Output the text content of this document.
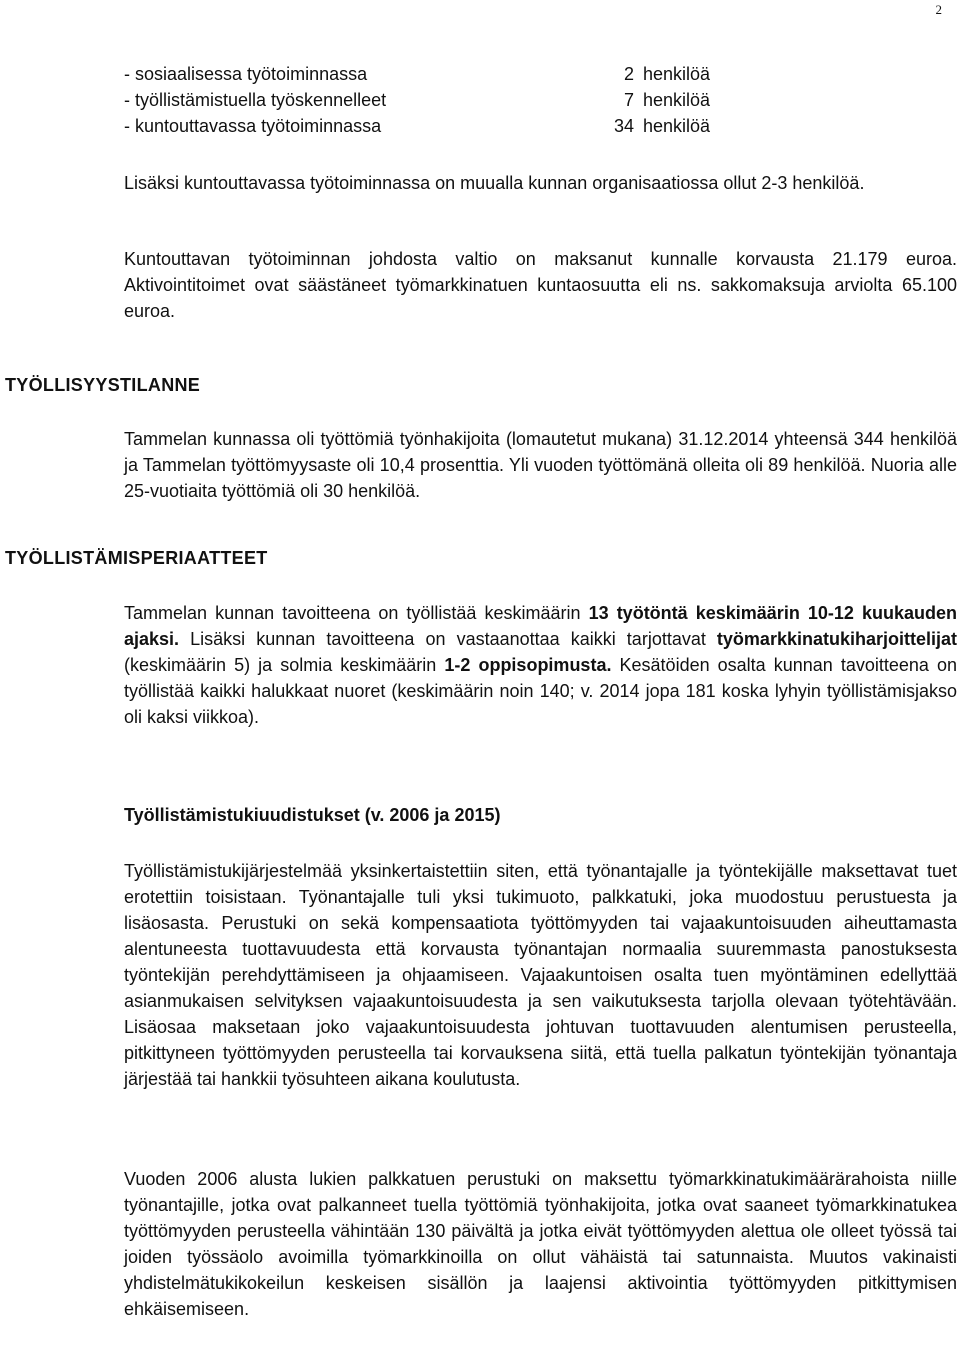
2
- sosiaalisessa työtoiminnassa	2 henkilöä
- työllistämistuella työskennelleet	7 henkilöä
- kuntouttavassa työtoiminnassa	34 henkilöä

Lisäksi kuntouttavassa työtoiminnassa on muualla kunnan organisaatiossa ollut 2-3 henkilöä.

Kuntouttavan työtoiminnan johdosta valtio on maksanut kunnalle korvausta 21.179 euroa. Aktivointitoimet ovat säästäneet työmarkkinatuen kuntaosuutta eli ns. sakkomaksuja arviolta 65.100 euroa.

TYÖLLISYYSTILANNE

Tammelan kunnassa oli työttömiä työnhakijoita (lomautetut mukana) 31.12.2014 yhteensä 344 henkilöä ja Tammelan työttömyysaste oli 10,4 prosenttia. Yli vuoden työttömänä olleita oli 89 henkilöä. Nuoria alle 25-vuotiaita työttömiä oli 30 henkilöä.

TYÖLLISTÄMISPERIAATTEET

Tammelan kunnan tavoitteena on työllistää keskimäärin 13 työtöntä keskimäärin 10-12 kuukauden ajaksi. Lisäksi kunnan tavoitteena on vastaanottaa kaikki tarjottavat työmarkkinatukiharjoittelijat (keskimäärin 5) ja solmia keskimäärin 1-2 oppisopimusta. Kesätöiden osalta kunnan tavoitteena on työllistää kaikki halukkaat nuoret (keskimäärin noin 140; v. 2014 jopa 181 koska lyhyin työllistämisjakso oli kaksi viikkoa).

Työllistämistukiuudistukset (v. 2006 ja 2015)

Työllistämistukijärjestelmää yksinkertaistettiin siten, että työnantajalle ja työntekijälle maksettavat tuet erotettiin toisistaan. Työnantajalle tuli yksi tukimuoto, palkkatuki, joka muodostuu perustuesta ja lisäosasta. Perustuki on sekä kompensaatiota työttömyyden tai vajaakuntoisuuden aiheuttamasta alentuneesta tuottavuudesta että korvausta työnantajan normaalia suuremmasta panostuksesta työntekijän perehdyttämiseen ja ohjaamiseen. Vajaakuntoisen osalta tuen myöntäminen edellyttää asianmukaisen selvityksen vajaakuntoisuudesta ja sen vaikutuksesta tarjolla olevaan työtehtävään. Lisäosaa maksetaan joko vajaakuntoisuudesta johtuvan tuottavuuden alentumisen perusteella, pitkittyneen työttömyyden perusteella tai korvauksena siitä, että tuella palkatun työntekijän työnantaja järjestää tai hankkii työsuhteen aikana koulutusta.

Vuoden 2006 alusta lukien palkkatuen perustuki on maksettu työmarkkinatukimäärärahoista niille työnantajille, jotka ovat palkanneet tuella työttömiä työnhakijoita, jotka ovat saaneet työmarkkinatukea työttömyyden perusteella vähintään 130 päivältä ja jotka eivät työttömyyden alettua ole olleet työssä tai joiden työssäolo avoimilla työmarkkinoilla on ollut vähäistä tai satunnaista. Muutos vakinaisti yhdistelmätukikokeilun keskeisen sisällön ja laajensi aktivointia työttömyyden pitkittymisen ehkäisemiseen.
